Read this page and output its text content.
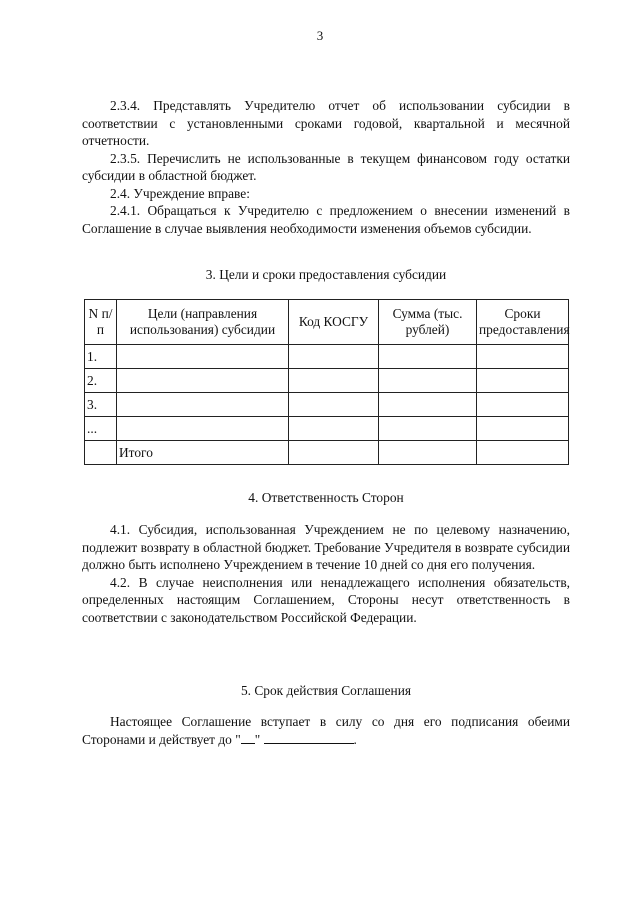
3

2.3.4. Представлять Учредителю отчет об использовании субсидии в соответствии с установленными сроками годовой, квартальной и месячной отчетности.

2.3.5. Перечислить не использованные в текущем финансовом году остатки субсидии в областной бюджет.

2.4. Учреждение вправе:

2.4.1. Обращаться к Учредителю с предложением о внесении изменений в Соглашение в случае выявления необходимости изменения объемов субсидии.

3. Цели и сроки предоставления субсидии
N п/п	Цели (направления использования) субсидии	Код КОСГУ	Сумма (тыс. рублей)	Сроки предоставления
1.				
2.				
3.				
...				
	Итого			
4. Ответственность Сторон

4.1. Субсидия, использованная Учреждением не по целевому назначению, подлежит возврату в областной бюджет. Требование Учредителя в возврате субсидии должно быть исполнено Учреждением в течение 10 дней со дня его получения.

4.2. В случае неисполнения или ненадлежащего исполнения обязательств, определенных настоящим Соглашением, Стороны несут ответственность в соответствии с законодательством Российской Федерации.

5. Срок действия Соглашения

Настоящее Соглашение вступает в силу со дня его подписания обеими Сторонами и действует до " "	.
